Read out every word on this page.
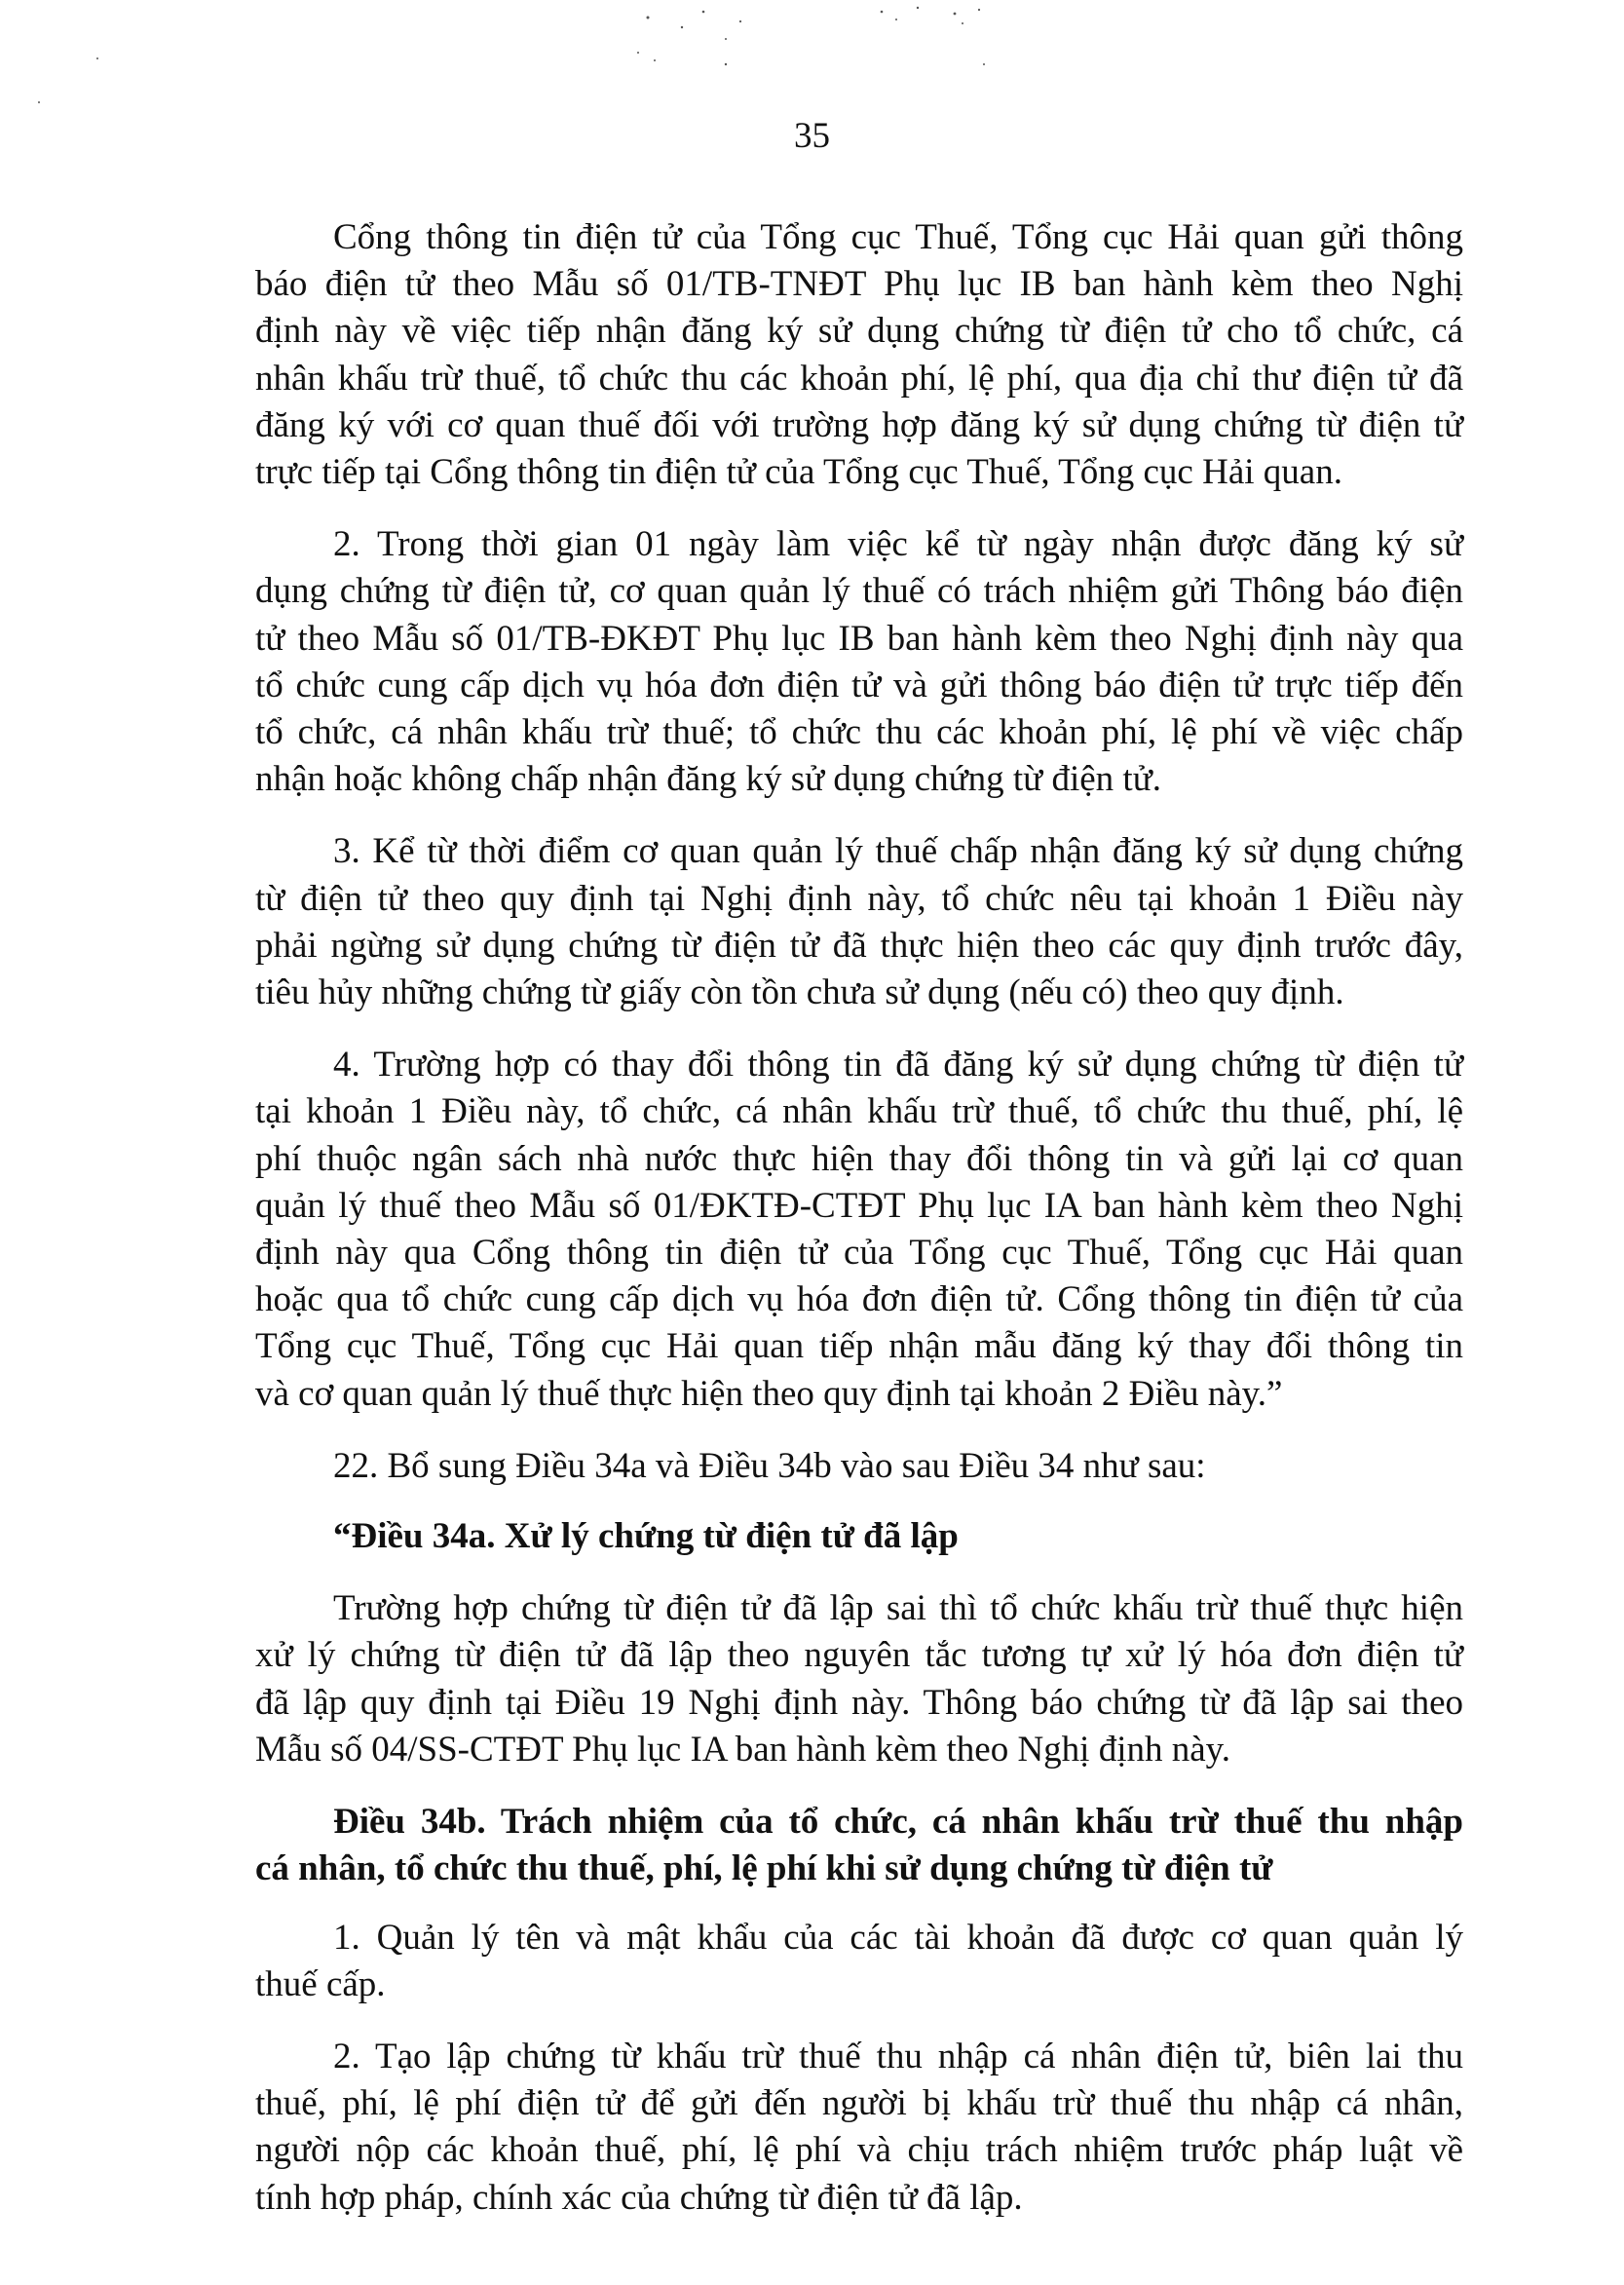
35
Cổng thông tin điện tử của Tổng cục Thuế, Tổng cục Hải quan gửi thông
báo điện tử theo Mẫu số 01/TB-TNĐT Phụ lục IB ban hành kèm theo Nghị
định này về việc tiếp nhận đăng ký sử dụng chứng từ điện tử cho tổ chức, cá
nhân khấu trừ thuế, tổ chức thu các khoản phí, lệ phí, qua địa chỉ thư điện tử đã
đăng ký với cơ quan thuế đối với trường hợp đăng ký sử dụng chứng từ điện tử
trực tiếp tại Cổng thông tin điện tử của Tổng cục Thuế, Tổng cục Hải quan.
2. Trong thời gian 01 ngày làm việc kể từ ngày nhận được đăng ký sử
dụng chứng từ điện tử, cơ quan quản lý thuế có trách nhiệm gửi Thông báo điện
tử theo Mẫu số 01/TB-ĐKĐT Phụ lục IB ban hành kèm theo Nghị định này qua
tổ chức cung cấp dịch vụ hóa đơn điện tử và gửi thông báo điện tử trực tiếp đến
tổ chức, cá nhân khấu trừ thuế; tổ chức thu các khoản phí, lệ phí về việc chấp
nhận hoặc không chấp nhận đăng ký sử dụng chứng từ điện tử.
3. Kể từ thời điểm cơ quan quản lý thuế chấp nhận đăng ký sử dụng chứng
từ điện tử theo quy định tại Nghị định này, tổ chức nêu tại khoản 1 Điều này
phải ngừng sử dụng chứng từ điện tử đã thực hiện theo các quy định trước đây,
tiêu hủy những chứng từ giấy còn tồn chưa sử dụng (nếu có) theo quy định.
4. Trường hợp có thay đổi thông tin đã đăng ký sử dụng chứng từ điện tử
tại khoản 1 Điều này, tổ chức, cá nhân khấu trừ thuế, tổ chức thu thuế, phí, lệ
phí thuộc ngân sách nhà nước thực hiện thay đổi thông tin và gửi lại cơ quan
quản lý thuế theo Mẫu số 01/ĐKTĐ-CTĐT Phụ lục IA ban hành kèm theo Nghị
định này qua Cổng thông tin điện tử của Tổng cục Thuế, Tổng cục Hải quan
hoặc qua tổ chức cung cấp dịch vụ hóa đơn điện tử. Cổng thông tin điện tử của
Tổng cục Thuế, Tổng cục Hải quan tiếp nhận mẫu đăng ký thay đổi thông tin
và cơ quan quản lý thuế thực hiện theo quy định tại khoản 2 Điều này.”
22. Bổ sung Điều 34a và Điều 34b vào sau Điều 34 như sau:
“Điều 34a. Xử lý chứng từ điện tử đã lập
Trường hợp chứng từ điện tử đã lập sai thì tổ chức khấu trừ thuế thực hiện
xử lý chứng từ điện tử đã lập theo nguyên tắc tương tự xử lý hóa đơn điện tử
đã lập quy định tại Điều 19 Nghị định này. Thông báo chứng từ đã lập sai theo
Mẫu số 04/SS-CTĐT Phụ lục IA ban hành kèm theo Nghị định này.
Điều 34b. Trách nhiệm của tổ chức, cá nhân khấu trừ thuế thu nhập
cá nhân, tổ chức thu thuế, phí, lệ phí khi sử dụng chứng từ điện tử
1. Quản lý tên và mật khẩu của các tài khoản đã được cơ quan quản lý
thuế cấp.
2. Tạo lập chứng từ khấu trừ thuế thu nhập cá nhân điện tử, biên lai thu
thuế, phí, lệ phí điện tử để gửi đến người bị khấu trừ thuế thu nhập cá nhân,
người nộp các khoản thuế, phí, lệ phí và chịu trách nhiệm trước pháp luật về
tính hợp pháp, chính xác của chứng từ điện tử đã lập.
